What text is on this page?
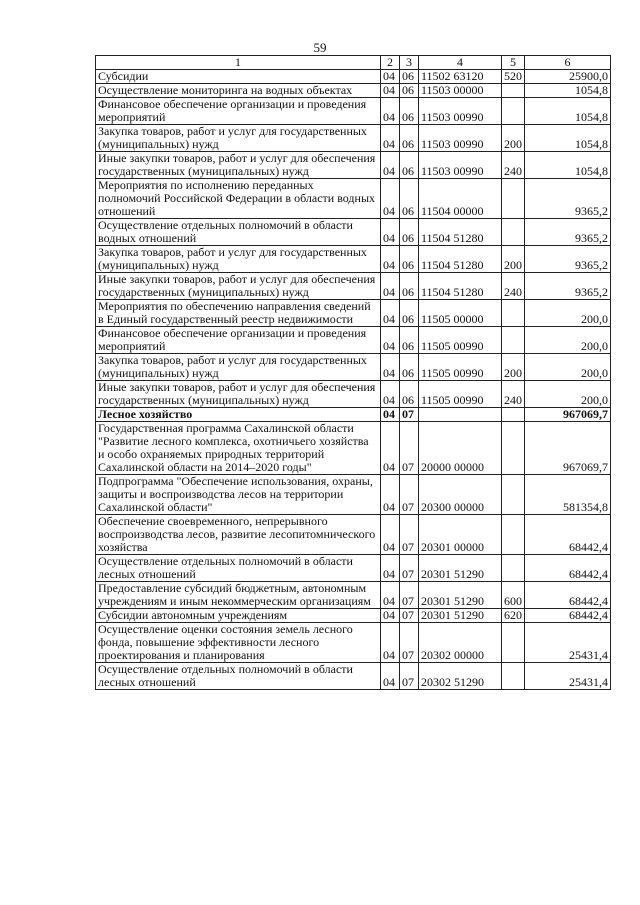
59
1	2	3	4	5	6
Субсидии	04	06	11502 63120	520	25900,0
Осуществление мониторинга на водных объектах	04	06	11503 00000		1054,8
Финансовое обеспечение организации и проведения мероприятий	04	06	11503 00990		1054,8
Закупка товаров, работ и услуг для государственных (муниципальных) нужд	04	06	11503 00990	200	1054,8
Иные закупки товаров, работ и услуг для обеспечения государственных (муниципальных) нужд	04	06	11503 00990	240	1054,8
Мероприятия по исполнению переданных полномочий Российской Федерации в области водных отношений	04	06	11504 00000		9365,2
Осуществление отдельных полномочий в области водных отношений	04	06	11504 51280		9365,2
Закупка товаров, работ и услуг для государственных (муниципальных) нужд	04	06	11504 51280	200	9365,2
Иные закупки товаров, работ и услуг для обеспечения государственных (муниципальных) нужд	04	06	11504 51280	240	9365,2
Мероприятия по обеспечению направления сведений в Единый государственный реестр недвижимости	04	06	11505 00000		200,0
Финансовое обеспечение организации и проведения мероприятий	04	06	11505 00990		200,0
Закупка товаров, работ и услуг для государственных (муниципальных) нужд	04	06	11505 00990	200	200,0
Иные закупки товаров, работ и услуг для обеспечения государственных (муниципальных) нужд	04	06	11505 00990	240	200,0
Лесное хозяйство	04	07			967069,7
Государственная программа Сахалинской области "Развитие лесного комплекса, охотничьего хозяйства и особо охраняемых природных территорий Сахалинской области на 2014–2020 годы"	04	07	20000 00000		967069,7
Подпрограмма "Обеспечение использования, охраны, защиты и воспроизводства лесов на территории Сахалинской области"	04	07	20300 00000		581354,8
Обеспечение своевременного, непрерывного воспроизводства лесов, развитие лесопитомнического хозяйства	04	07	20301 00000		68442,4
Осуществление отдельных полномочий в области лесных отношений	04	07	20301 51290		68442,4
Предоставление субсидий бюджетным, автономным учреждениям и иным некоммерческим организациям	04	07	20301 51290	600	68442,4
Субсидии автономным учреждениям	04	07	20301 51290	620	68442,4
Осуществление оценки состояния земель лесного фонда, повышение эффективности лесного проектирования и планирования	04	07	20302 00000		25431,4
Осуществление отдельных полномочий в области лесных отношений	04	07	20302 51290		25431,4
